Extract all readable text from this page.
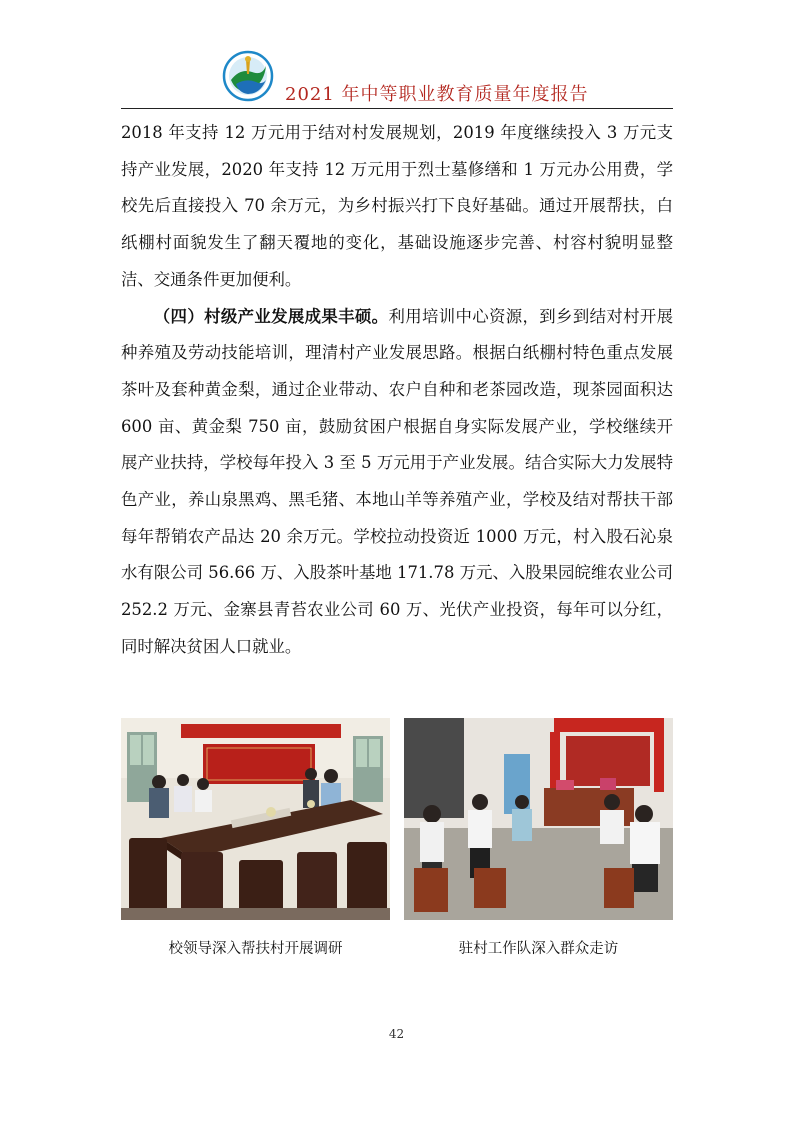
2021 年中等职业教育质量年度报告

2018 年支持 12 万元用于结对村发展规划，2019 年度继续投入 3 万元支持产业发展，2020 年支持 12 万元用于烈士墓修缮和 1 万元办公用费，学校先后直接投入 70 余万元，为乡村振兴打下良好基础。通过开展帮扶，白纸棚村面貌发生了翻天覆地的变化，基础设施逐步完善、村容村貌明显整洁、交通条件更加便利。

（四）村级产业发展成果丰硕。利用培训中心资源，到乡到结对村开展种养殖及劳动技能培训，理清村产业发展思路。根据白纸棚村特色重点发展茶叶及套种黄金梨，通过企业带动、农户自种和老茶园改造，现茶园面积达 600 亩、黄金梨 750 亩，鼓励贫困户根据自身实际发展产业，学校继续开展产业扶持，学校每年投入 3 至 5 万元用于产业发展。结合实际大力发展特色产业，养山泉黑鸡、黑毛猪、本地山羊等养殖产业，学校及结对帮扶干部每年帮销农产品达 20 余万元。学校拉动投资近 1000 万元，村入股石沁泉水有限公司 56.66 万、入股茶叶基地 171.78 万元、入股果园皖维农业公司 252.2 万元、金寨县青苔农业公司 60 万、光伏产业投资，每年可以分红，同时解决贫困人口就业。

校领导深入帮扶村开展调研	驻村工作队深入群众走访
42
